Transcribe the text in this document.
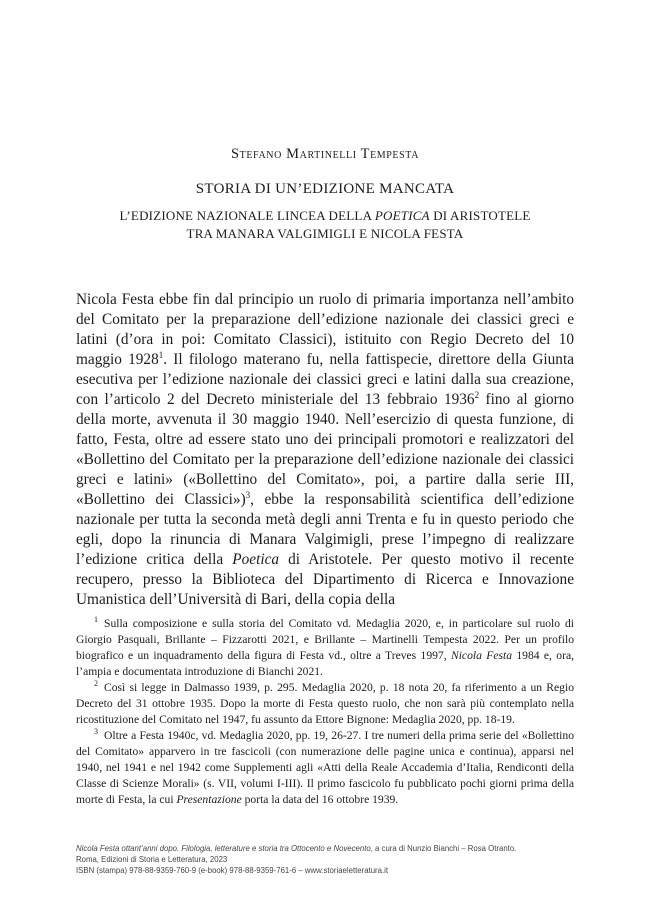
Stefano Martinelli Tempesta
STORIA DI UN’EDIZIONE MANCATA
L’EDIZIONE NAZIONALE LINCEA DELLA POETICA DI ARISTOTELE
TRA MANARA VALGIMIGLI E NICOLA FESTA

Nicola Festa ebbe fin dal principio un ruolo di primaria importanza nell’ambito del Comitato per la preparazione dell’edizione nazionale dei classici greci e latini (d’ora in poi: Comitato Classici), istituito con Regio Decreto del 10 maggio 1928$^1$. Il filologo materano fu, nella fattispecie, direttore della Giunta esecutiva per l’edizione nazionale dei classici greci e latini dalla sua creazione, con l’articolo 2 del Decreto ministeriale del 13 febbraio 1936$^2$ fino al giorno della morte, avvenuta il 30 maggio 1940. Nell’esercizio di questa funzione, di fatto, Festa, oltre ad essere stato uno dei principali promotori e realizzatori del «Bollettino del Comitato per la preparazione dell’edizione nazionale dei classici greci e latini» («Bollettino del Comitato», poi, a partire dalla serie III, «Bollettino dei Classici»)$^3$, ebbe la responsabilità scientifica dell’edizione nazionale per tutta la seconda metà degli anni Trenta e fu in questo periodo che egli, dopo la rinuncia di Manara Valgimigli, prese l’impegno di realizzare l’edizione critica della Poetica di Aristotele. Per questo motivo il recente recupero, presso la Biblioteca del Dipartimento di Ricerca e Innovazione Umanistica dell’Università di Bari, della copia della

$^1$ Sulla composizione e sulla storia del Comitato vd. Medaglia 2020, e, in particolare sul ruolo di Giorgio Pasquali, Brillante – Fizzarotti 2021, e Brillante – Martinelli Tempesta 2022. Per un profilo biografico e un inquadramento della figura di Festa vd., oltre a Treves 1997, Nicola Festa 1984 e, ora, l’ampia e documentata introduzione di Bianchi 2021.

$^2$ Così si legge in Dalmasso 1939, p. 295. Medaglia 2020, p. 18 nota 20, fa riferimento a un Regio Decreto del 31 ottobre 1935. Dopo la morte di Festa questo ruolo, che non sarà più contemplato nella ricostituzione del Comitato nel 1947, fu assunto da Ettore Bignone: Medaglia 2020, pp. 18-19.

$^3$ Oltre a Festa 1940c, vd. Medaglia 2020, pp. 19, 26-27. I tre numeri della prima serie del «Bollettino del Comitato» apparvero in tre fascicoli (con numerazione delle pagine unica e continua), apparsi nel 1940, nel 1941 e nel 1942 come Supplementi agli «Atti della Reale Accademia d’Italia, Rendiconti della Classe di Scienze Morali» (s. VII, volumi I-III). Il primo fascicolo fu pubblicato pochi giorni prima della morte di Festa, la cui Presentazione porta la data del 16 ottobre 1939.

Nicola Festa ottant’anni dopo. Filologia, letterature e storia tra Ottocento e Novecento, a cura di Nunzio Bianchi – Rosa Otranto.
Roma, Edizioni di Storia e Letteratura, 2023
ISBN (stampa) 978-88-9359-760-9 (e-book) 978-88-9359-761-6 – www.storiaeletteratura.it
